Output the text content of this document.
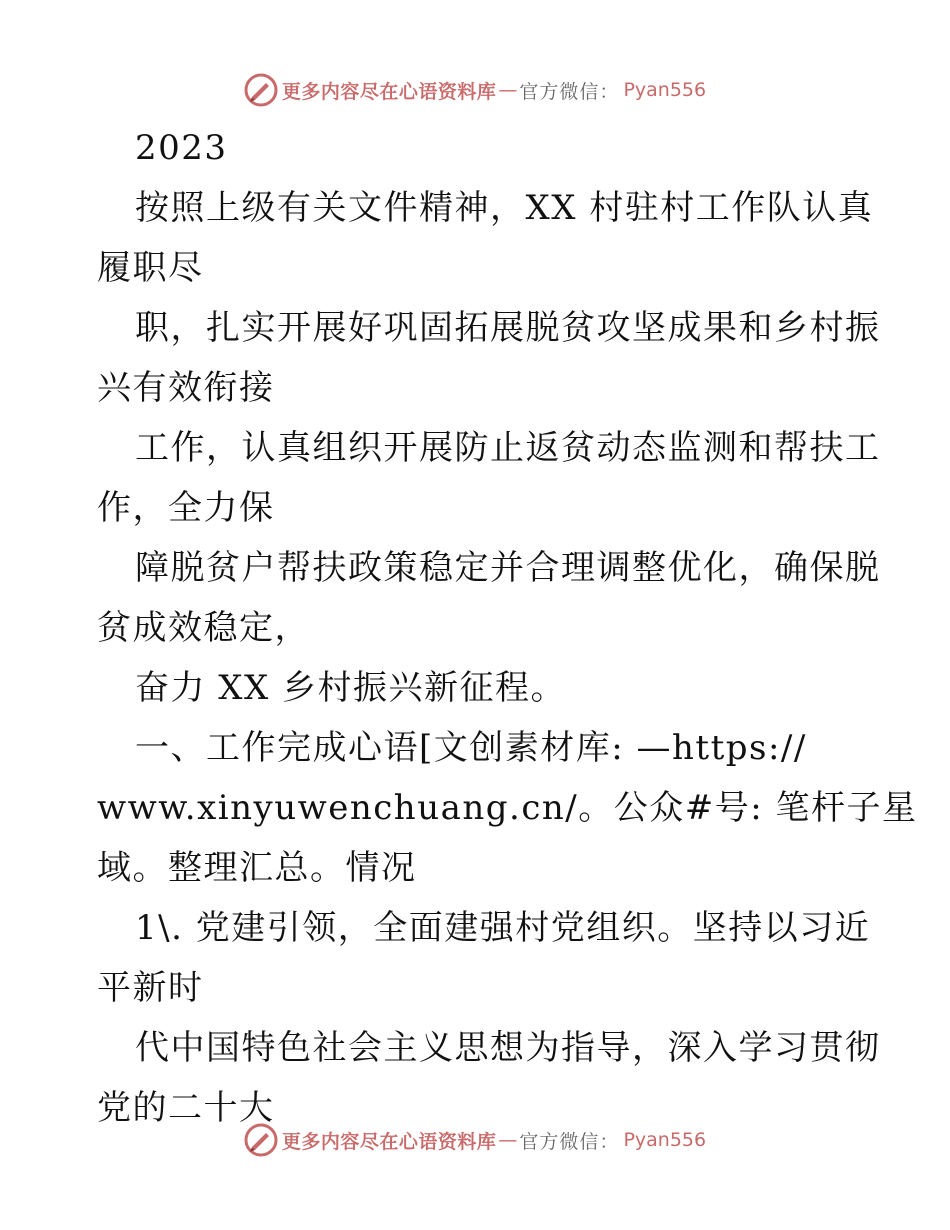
更多内容尽在心语资料库 — 官方微信： Pyan556
2023
按照上级有关文件精神，XX 村驻村工作队认真
履职尽
职，扎实开展好巩固拓展脱贫攻坚成果和乡村振
兴有效衔接
工作，认真组织开展防止返贫动态监测和帮扶工
作，全力保
障脱贫户帮扶政策稳定并合理调整优化，确保脱
贫成效稳定，
奋力 XX 乡村振兴新征程。
一、工作完成心语[文创素材库: —https://
www.xinyuwenchuang.cn/。公众#号: 笔杆子星
域。整理汇总。情况
1\. 党建引领，全面建强村党组织。坚持以习近
平新时
代中国特色社会主义思想为指导，深入学习贯彻
党的二十大
更多内容尽在心语资料库 — 官方微信： Pyan556
